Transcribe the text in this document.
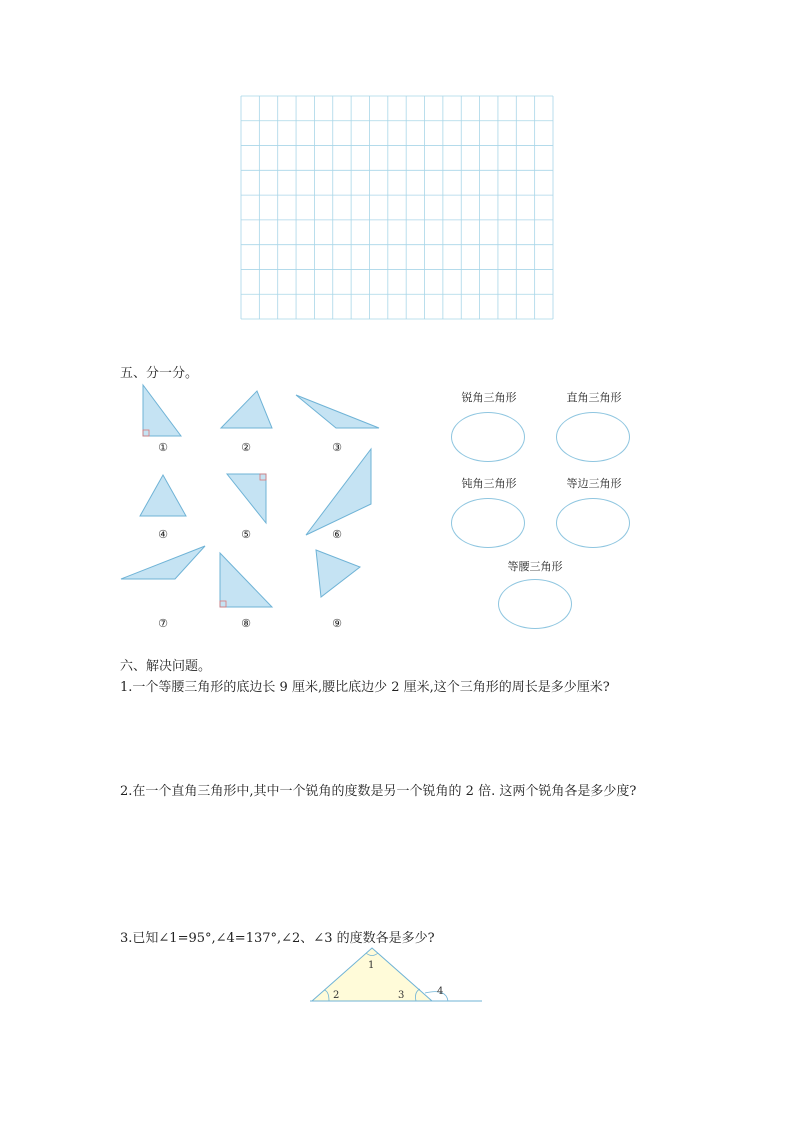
五、分一分。
①	②	③
④	⑤	⑥
⑦	⑧	⑨
锐角三角形	直角三角形
钝角三角形	等边三角形
等腰三角形
六、解决问题。
1.一个等腰三角形的底边长 9 厘米,腰比底边少 2 厘米,这个三角形的周长是多少厘米?
2.在一个直角三角形中,其中一个锐角的度数是另一个锐角的 2 倍. 这两个锐角各是多少度?
3.已知∠1=95°,∠4=137°,∠2、∠3 的度数各是多少?
1
2	3	4
